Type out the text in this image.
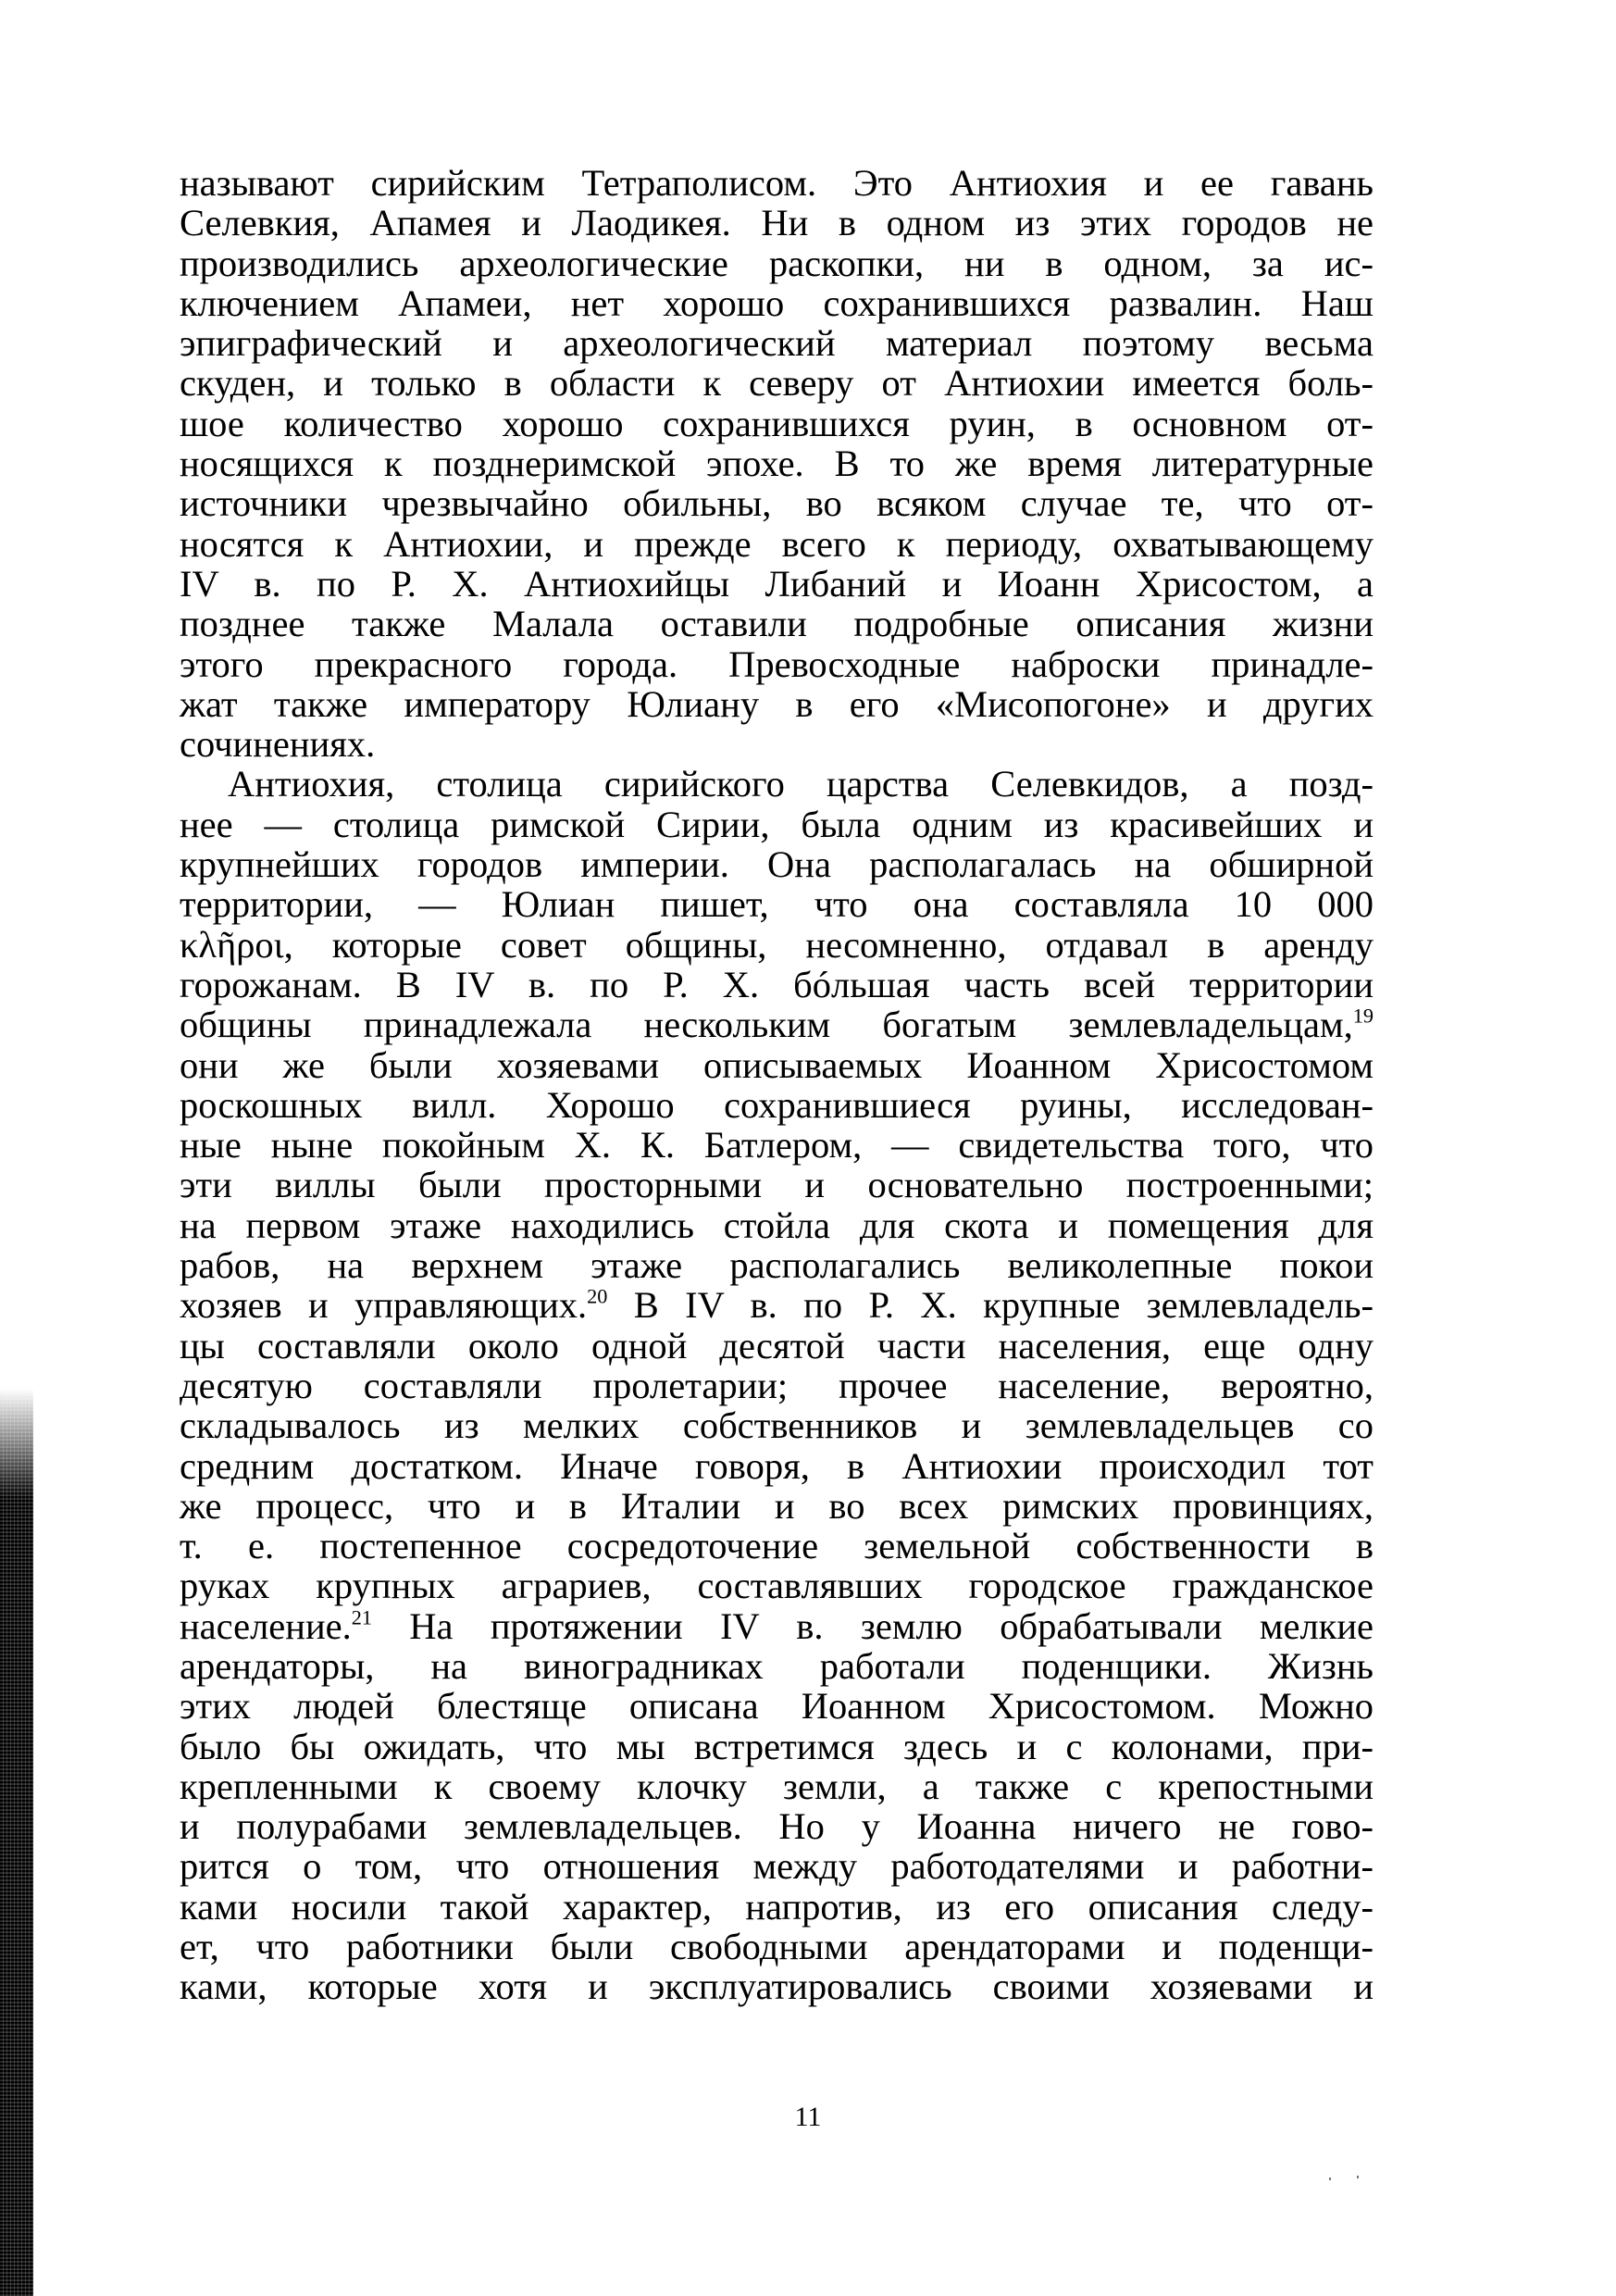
называют сирийским Тетраполисом. Это Антиохия и ее гавань
Селевкия, Апамея и Лаодикея. Ни в одном из этих городов не
производились археологические раскопки, ни в одном, за ис-
ключением Апамеи, нет хорошо сохранившихся развалин. Наш
эпиграфический и археологический материал поэтому весьма
скуден, и только в области к северу от Антиохии имеется боль-
шое количество хорошо сохранившихся руин, в основном от-
носящихся к позднеримской эпохе. В то же время литературные
источники чрезвычайно обильны, во всяком случае те, что от-
носятся к Антиохии, и прежде всего к периоду, охватывающему
IV в. по Р. Х. Антиохийцы Либаний и Иоанн Хрисостом, а
позднее также Малала оставили подробные описания жизни
этого прекрасного города. Превосходные наброски принадле-
жат также императору Юлиану в его «Мисопогоне» и других
сочинениях.
Антиохия, столица сирийского царства Селевкидов, а позд-
нее — столица римской Сирии, была одним из красивейших и
крупнейших городов империи. Она располагалась на обширной
территории, — Юлиан пишет, что она составляла 10 000
κλῆροι, которые совет общины, несомненно, отдавал в аренду
горожанам. В IV в. по Р. Х. бóльшая часть всей территории
общины принадлежала нескольким богатым землевладельцам,$^{19}$
они же были хозяевами описываемых Иоанном Хрисостомом
роскошных вилл. Хорошо сохранившиеся руины, исследован-
ные ныне покойным Х. К. Батлером, — свидетельства того, что
эти виллы были просторными и основательно построенными;
на первом этаже находились стойла для скота и помещения для
рабов, на верхнем этаже располагались великолепные покои
хозяев и управляющих.$^{20}$ В IV в. по Р. Х. крупные землевладель-
цы составляли около одной десятой части населения, еще одну
десятую составляли пролетарии; прочее население, вероятно,
складывалось из мелких собственников и землевладельцев со
средним достатком. Иначе говоря, в Антиохии происходил тот
же процесс, что и в Италии и во всех римских провинциях,
т. е. постепенное сосредоточение земельной собственности в
руках крупных аграриев, составлявших городское гражданское
население.$^{21}$ На протяжении IV в. землю обрабатывали мелкие
арендаторы, на виноградниках работали поденщики. Жизнь
этих людей блестяще описана Иоанном Хрисостомом. Можно
было бы ожидать, что мы встретимся здесь и с колонами, при-
крепленными к своему клочку земли, а также с крепостными
и полурабами землевладельцев. Но у Иоанна ничего не гово-
рится о том, что отношения между работодателями и работни-
ками носили такой характер, напротив, из его описания следу-
ет, что работники были свободными арендаторами и поденщи-
ками, которые хотя и эксплуатировались своими хозяевами и
11
